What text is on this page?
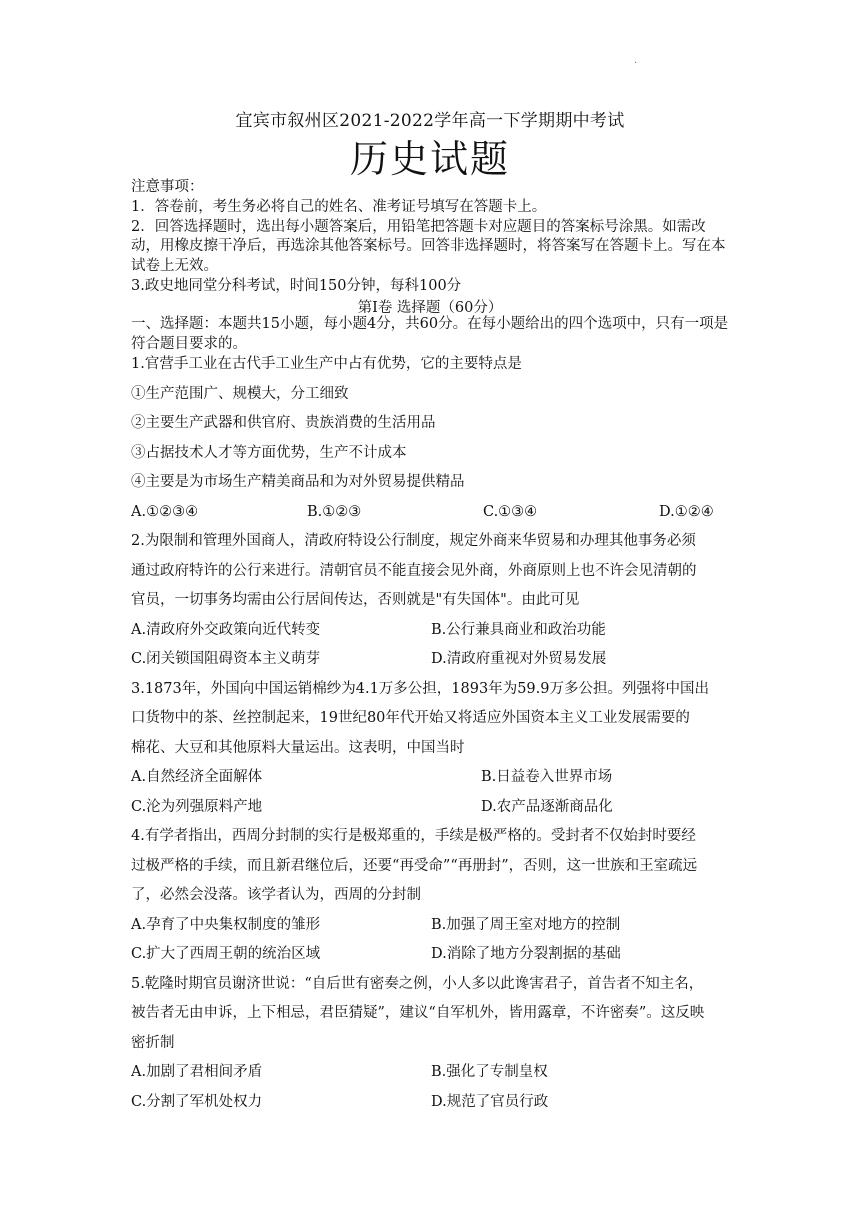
·
宜宾市叙州区2021-2022学年高一下学期期中考试
历史试题

注意事项：

1．答卷前，考生务必将自己的姓名、准考证号填写在答题卡上。

2．回答选择题时，选出每小题答案后，用铅笔把答题卡对应题目的答案标号涂黑。如需改动，用橡皮擦干净后，再选涂其他答案标号。回答非选择题时，将答案写在答题卡上。写在本试卷上无效。

3.政史地同堂分科考试，时间150分钟，每科100分

第Ⅰ卷 选择题（60分）

一、选择题：本题共15小题，每小题4分，共60分。在每小题给出的四个选项中，只有一项是符合题目要求的。

1.官营手工业在古代手工业生产中占有优势，它的主要特点是

①生产范围广、规模大，分工细致

②主要生产武器和供官府、贵族消费的生活用品

③占据技术人才等方面优势，生产不计成本

④主要是为市场生产精美商品和为对外贸易提供精品

A.①②③④	B.①②③	C.①③④	D.①②④

2.为限制和管理外国商人，清政府特设公行制度，规定外商来华贸易和办理其他事务必须

通过政府特许的公行来进行。清朝官员不能直接会见外商，外商原则上也不许会见清朝的

官员，一切事务均需由公行居间传达，否则就是"有失国体"。由此可见

A.清政府外交政策向近代转变	B.公行兼具商业和政治功能
C.闭关锁国阻碍资本主义萌芽	D.清政府重视对外贸易发展

3.1873年，外国向中国运销棉纱为4.1万多公担，1893年为59.9万多公担。列强将中国出

口货物中的茶、丝控制起来，19世纪80年代开始又将适应外国资本主义工业发展需要的

棉花、大豆和其他原料大量运出。这表明，中国当时

A.自然经济全面解体	B.日益卷入世界市场
C.沦为列强原料产地	D.农产品逐渐商品化

4.有学者指出，西周分封制的实行是极郑重的，手续是极严格的。受封者不仅始封时要经

过极严格的手续，而且新君继位后，还要“再受命”“再册封”，否则，这一世族和王室疏远

了，必然会没落。该学者认为，西周的分封制

A.孕育了中央集权制度的雏形	B.加强了周王室对地方的控制
C.扩大了西周王朝的统治区域	D.消除了地方分裂割据的基础

5.乾隆时期官员谢济世说：“自后世有密奏之例，小人多以此谗害君子，首告者不知主名，

被告者无由申诉，上下相忌，君臣猜疑”，建议“自军机外，皆用露章，不许密奏”。这反映

密折制

A.加剧了君相间矛盾	B.强化了专制皇权
C.分割了军机处权力	D.规范了官员行政
